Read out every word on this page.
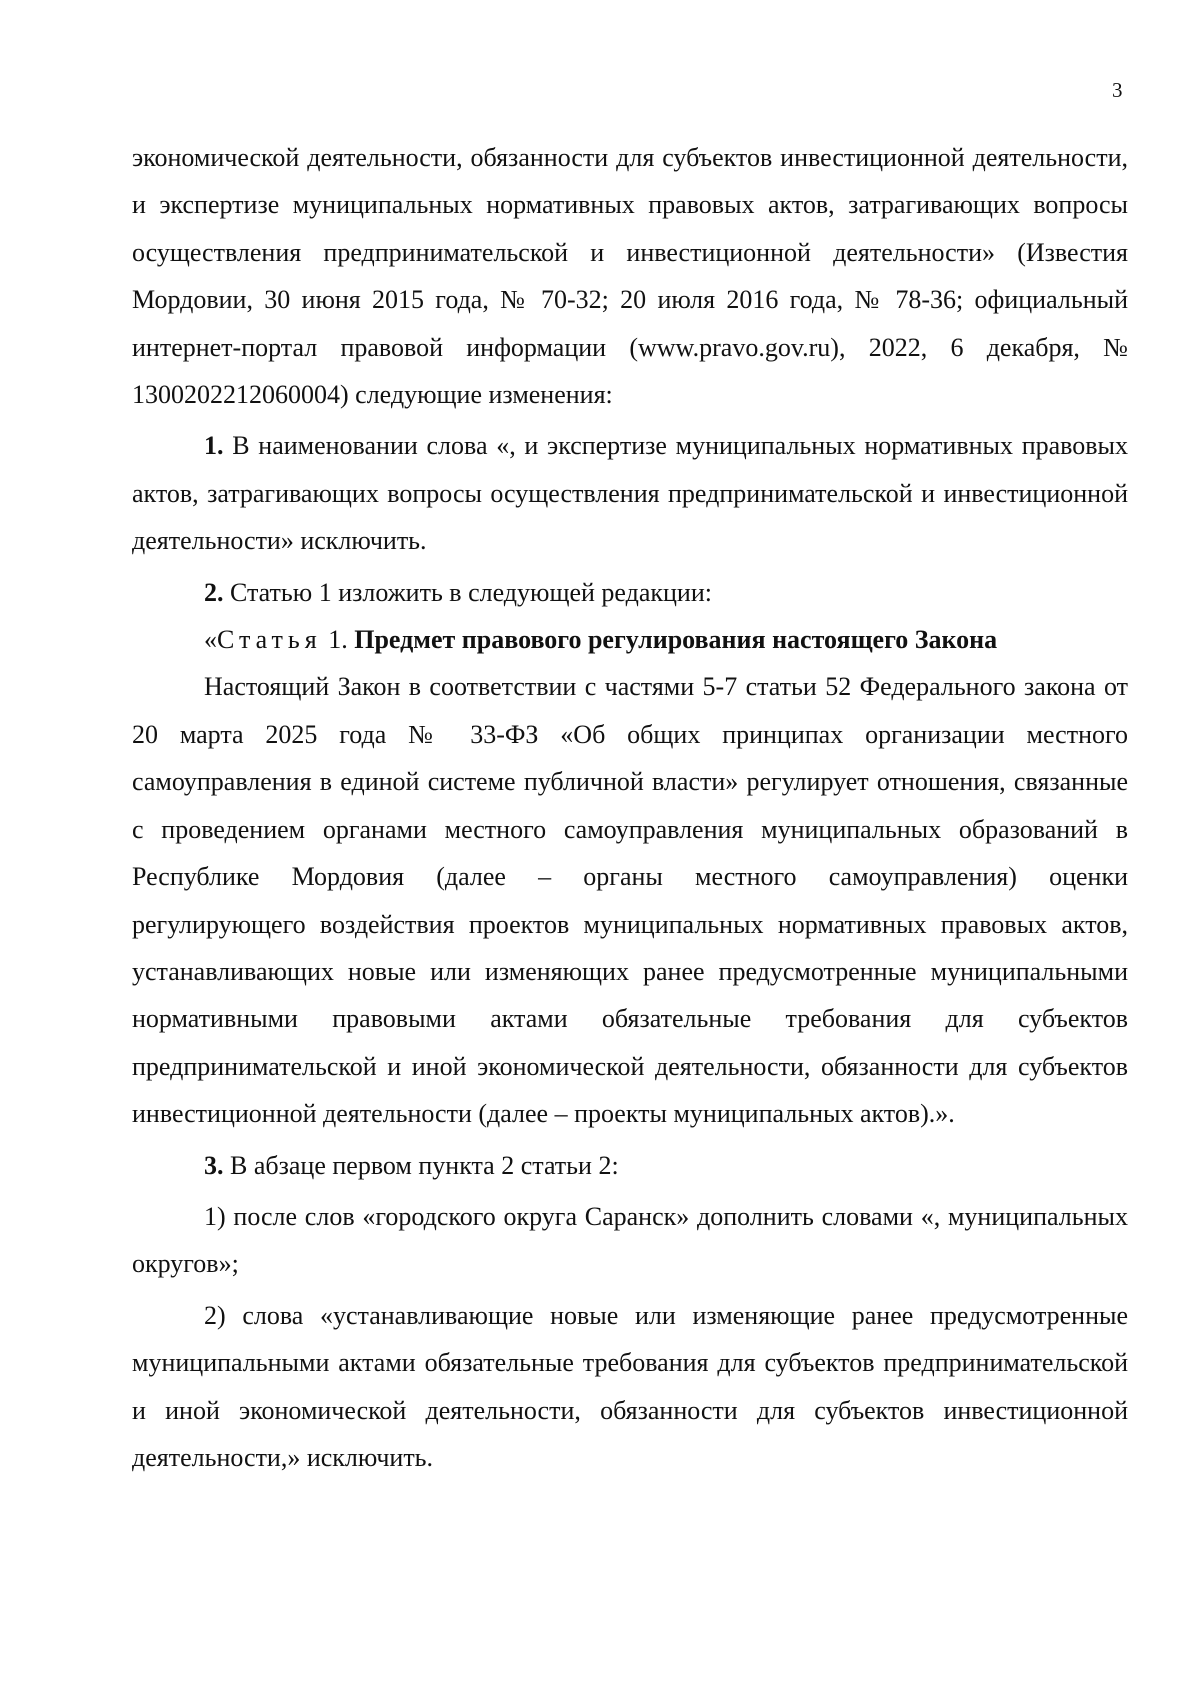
3

экономической деятельности, обязанности для субъектов инвестиционной деятельности, и экспертизе муниципальных нормативных правовых актов, затрагивающих вопросы осуществления предпринимательской и инвестиционной деятельности» (Известия Мордовии, 30 июня 2015 года, № 70-32; 20 июля 2016 года, № 78-36; официальный интернет-портал правовой информации (www.pravo.gov.ru), 2022, 6 декабря, № 1300202212060004) следующие изменения:

1. В наименовании слова «, и экспертизе муниципальных нормативных правовых актов, затрагивающих вопросы осуществления предпринимательской и инвестиционной деятельности» исключить.

2. Статью 1 изложить в следующей редакции:

«Статья 1. Предмет правового регулирования настоящего Закона

Настоящий Закон в соответствии с частями 5-7 статьи 52 Федерального закона от 20 марта 2025 года № 33-ФЗ «Об общих принципах организации местного самоуправления в единой системе публичной власти» регулирует отношения, связанные с проведением органами местного самоуправления муниципальных образований в Республике Мордовия (далее – органы местного самоуправления) оценки регулирующего воздействия проектов муниципальных нормативных правовых актов, устанавливающих новые или изменяющих ранее предусмотренные муниципальными нормативными правовыми актами обязательные требования для субъектов предпринимательской и иной экономической деятельности, обязанности для субъектов инвестиционной деятельности (далее – проекты муниципальных актов).».

3. В абзаце первом пункта 2 статьи 2:

1) после слов «городского округа Саранск» дополнить словами «, муниципальных округов»;

2) слова «устанавливающие новые или изменяющие ранее предусмотренные муниципальными актами обязательные требования для субъектов предпринимательской и иной экономической деятельности, обязанности для субъектов инвестиционной деятельности,» исключить.
